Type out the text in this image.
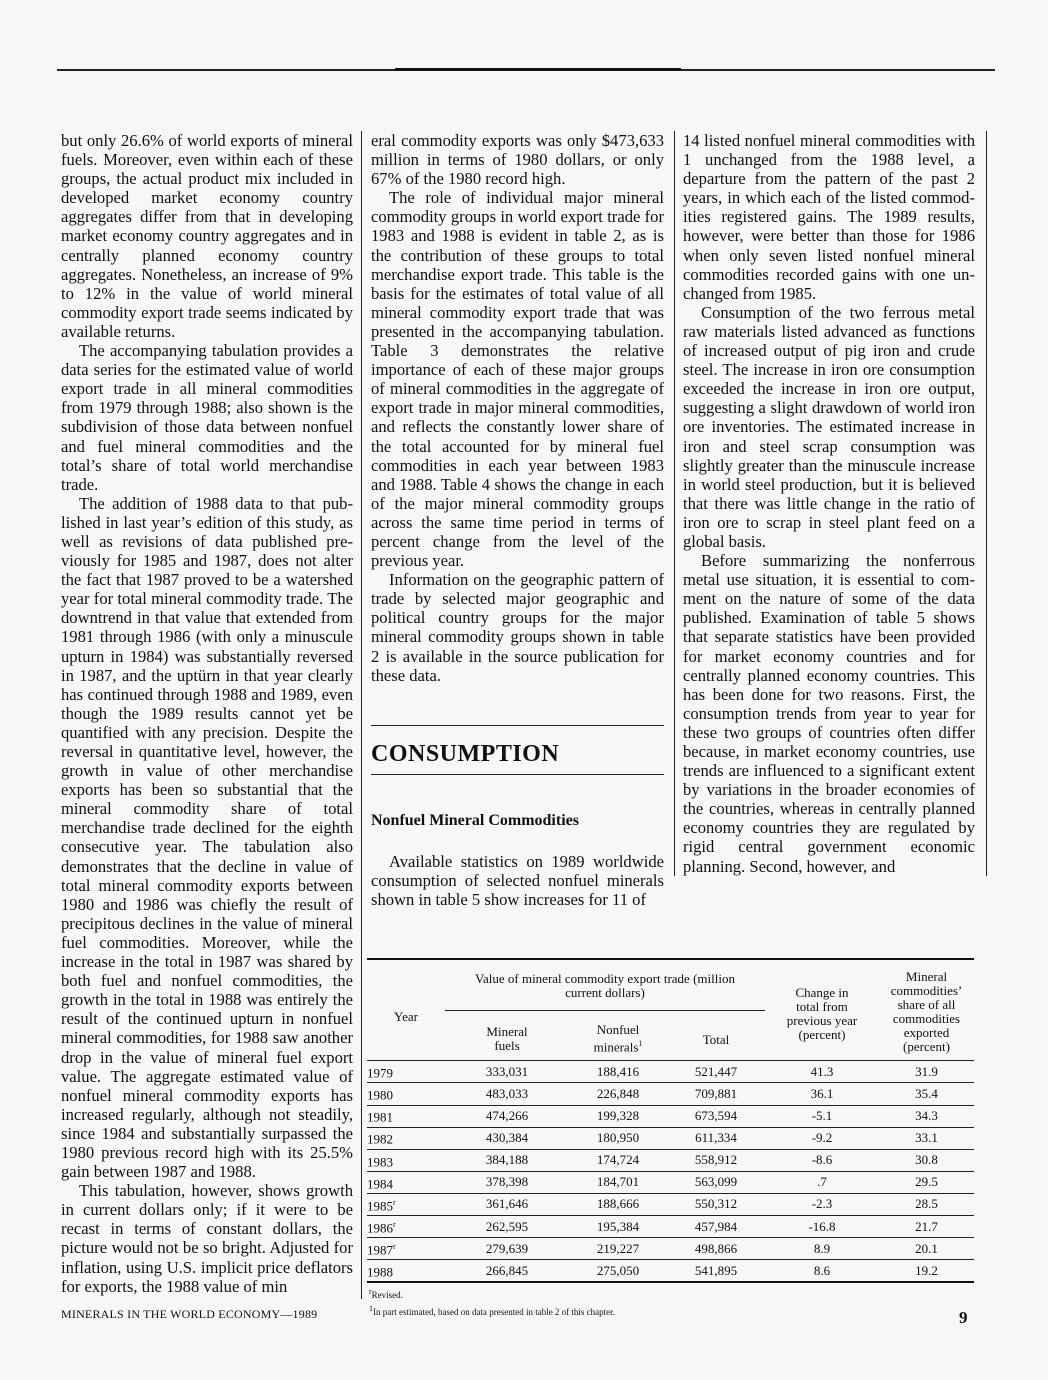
but only 26.6% of world exports of mineral fuels. Moreover, even within each of these groups, the actual product mix included in developed market economy country aggregates differ from that in developing market economy country aggregates and in centrally planned economy country aggregates. Nonetheless, an increase of 9% to 12% in the value of world mineral commodity export trade seems indicated by available returns.

The accompanying tabulation provides a data series for the estimated value of world export trade in all mineral commodities from 1979 through 1988; also shown is the subdivision of those data between nonfuel and fuel mineral commodities and the total’s share of total world merchandise trade.

The addition of 1988 data to that published in last year’s edition of this study, as well as revisions of data published previously for 1985 and 1987, does not alter the fact that 1987 proved to be a watershed year for total mineral commodity trade. The downtrend in that value that extended from 1981 through 1986 (with only a minuscule upturn in 1984) was substantially reversed in 1987, and the uptürn in that year clearly has continued through 1988 and 1989, even though the 1989 results cannot yet be quantified with any precision. Despite the reversal in quantitative level, however, the growth in value of other merchandise exports has been so substantial that the mineral commodity share of total merchandise trade declined for the eighth consecutive year. The tabulation also demonstrates that the decline in value of total mineral commodity exports between 1980 and 1986 was chiefly the result of precipitous declines in the value of mineral fuel commodities. Moreover, while the increase in the total in 1987 was shared by both fuel and nonfuel commodities, the growth in the total in 1988 was entirely the result of the continued upturn in nonfuel mineral commodities, for 1988 saw another drop in the value of mineral fuel export value. The aggregate estimated value of nonfuel mineral commodity exports has increased regularly, although not steadily, since 1984 and substantially surpassed the 1980 previous record high with its 25.5% gain between 1987 and 1988.

This tabulation, however, shows growth in current dollars only; if it were to be recast in terms of constant dollars, the picture would not be so bright. Adjusted for inflation, using U.S. implicit price deflators for exports, the 1988 value of min

eral commodity exports was only $473,633 million in terms of 1980 dollars, or only 67% of the 1980 record high.

The role of individual major mineral commodity groups in world export trade for 1983 and 1988 is evident in table 2, as is the contribution of these groups to total merchandise export trade. This table is the basis for the estimates of total value of all mineral commodity export trade that was presented in the accompanying tabulation. Table 3 demonstrates the relative importance of each of these major groups of mineral commodities in the aggregate of export trade in major mineral commodities, and reflects the constantly lower share of the total accounted for by mineral fuel commodities in each year between 1983 and 1988. Table 4 shows the change in each of the major mineral commodity groups across the same time period in terms of percent change from the level of the previous year.

Information on the geographic pattern of trade by selected major geographic and political country groups for the major mineral commodity groups shown in table 2 is available in the source publication for these data.

CONSUMPTION
Nonfuel Mineral Commodities

Available statistics on 1989 worldwide consumption of selected nonfuel minerals shown in table 5 show increases for 11 of

14 listed nonfuel mineral commodities with 1 unchanged from the 1988 level, a departure from the pattern of the past 2 years, in which each of the listed commodities registered gains. The 1989 results, however, were better than those for 1986 when only seven listed nonfuel mineral commodities recorded gains with one unchanged from 1985.

Consumption of the two ferrous metal raw materials listed advanced as functions of increased output of pig iron and crude steel. The increase in iron ore consumption exceeded the increase in iron ore output, suggesting a slight drawdown of world iron ore inventories. The estimated increase in iron and steel scrap consumption was slightly greater than the minuscule increase in world steel production, but it is believed that there was little change in the ratio of iron ore to scrap in steel plant feed on a global basis.

Before summarizing the nonferrous metal use situation, it is essential to comment on the nature of some of the data published. Examination of table 5 shows that separate statistics have been provided for market economy countries and for centrally planned economy countries. This has been done for two reasons. First, the consumption trends from year to year for these two groups of countries often differ because, in market economy countries, use trends are influenced to a significant extent by variations in the broader economies of the countries, whereas in centrally planned economy countries they are regulated by rigid central government economic planning. Second, however, and

Year	Value of mineral commodity export trade (million current dollars)			Change in total from previous year (percent)	Mineral commodities’ share of all commodities exported (percent)
	Mineral fuels	Nonfuel minerals$^1$	Total		
1979	333,031	188,416	521,447	41.3	31.9
1980	483,033	226,848	709,881	36.1	35.4
1981	474,266	199,328	673,594	-5.1	34.3
1982	430,384	180,950	611,334	-9.2	33.1
1983	384,188	174,724	558,912	-8.6	30.8
1984	378,398	184,701	563,099	.7	29.5
1985$^r$	361,646	188,666	550,312	-2.3	28.5
1986$^r$	262,595	195,384	457,984	-16.8	21.7
1987$^r$	279,639	219,227	498,866	8.9	20.1
1988	266,845	275,050	541,895	8.6	19.2
$^r$Revised.
$^1$In part estimated, based on data presented in table 2 of this chapter.
MINERALS IN THE WORLD ECONOMY—1989	9
